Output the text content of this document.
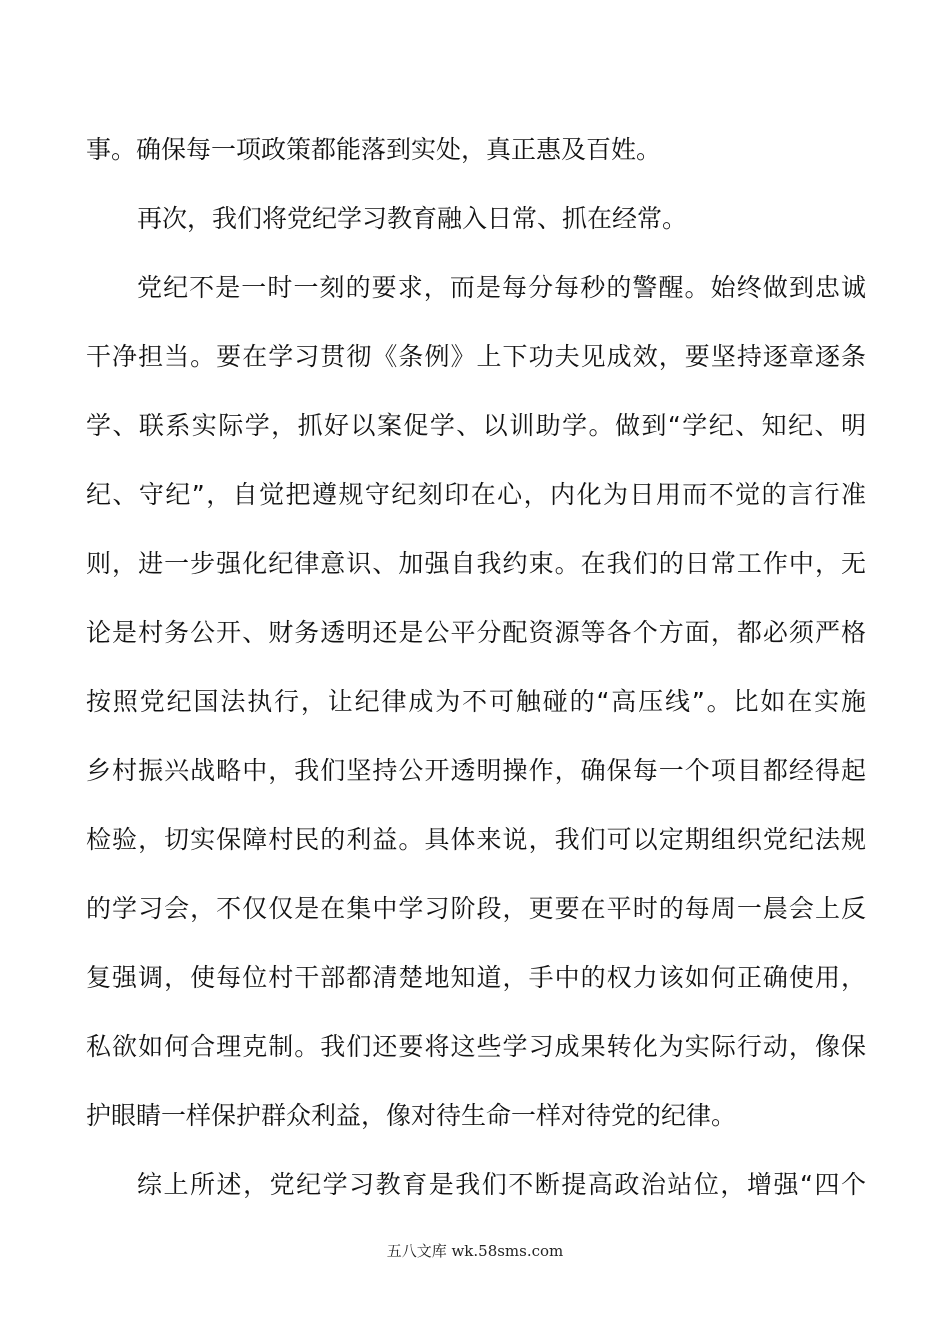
事。确保每一项政策都能落到实处，真正惠及百姓。
再次，我们将党纪学习教育融入日常、抓在经常。
党纪不是一时一刻的要求，而是每分每秒的警醒。始终做到忠诚
干净担当。要在学习贯彻《条例》上下功夫见成效，要坚持逐章逐条
学、联系实际学，抓好以案促学、以训助学。做到“学纪、知纪、明
纪、守纪”，自觉把遵规守纪刻印在心，内化为日用而不觉的言行准
则，进一步强化纪律意识、加强自我约束。在我们的日常工作中，无
论是村务公开、财务透明还是公平分配资源等各个方面，都必须严格
按照党纪国法执行，让纪律成为不可触碰的“高压线”。比如在实施
乡村振兴战略中，我们坚持公开透明操作，确保每一个项目都经得起
检验，切实保障村民的利益。具体来说，我们可以定期组织党纪法规
的学习会，不仅仅是在集中学习阶段，更要在平时的每周一晨会上反
复强调，使每位村干部都清楚地知道，手中的权力该如何正确使用，
私欲如何合理克制。我们还要将这些学习成果转化为实际行动，像保
护眼睛一样保护群众利益，像对待生命一样对待党的纪律。
综上所述，党纪学习教育是我们不断提高政治站位，增强“四个
五八文库 wk.58sms.com
